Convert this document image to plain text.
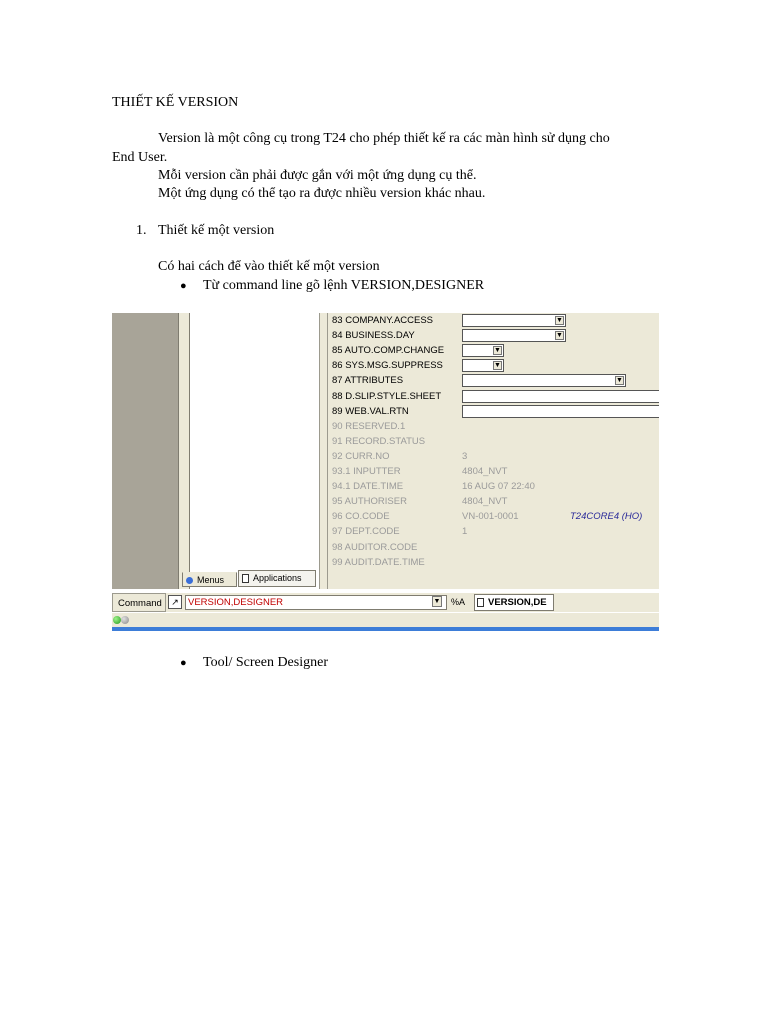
THIẾT KẾ VERSION
Version là một công cụ trong T24 cho phép thiết kế ra các màn hình sử dụng cho
End User.
Mỗi version cần phải được gắn với một ứng dụng cụ thể.
Một ứng dụng có thể tạo ra được nhiều version khác nhau.
1. Thiết kế một version
Có hai cách để vào thiết kế một version
● Từ command line gõ lệnh VERSION,DESIGNER
Menus	Applications
83 COMPANY.ACCESS	▼
84 BUSINESS.DAY	▼
85 AUTO.COMP.CHANGE	▼
86 SYS.MSG.SUPPRESS	▼
87 ATTRIBUTES	▼
88 D.SLIP.STYLE.SHEET
89 WEB.VAL.RTN
90 RESERVED.1
91 RECORD.STATUS
92 CURR.NO	3
93.1 INPUTTER	4804_NVT
94.1 DATE.TIME	16 AUG 07 22:40
95 AUTHORISER	4804_NVT
96 CO.CODE	VN-001-0001	T24CORE4 (HO)
97 DEPT.CODE	1
98 AUDITOR.CODE
99 AUDIT.DATE.TIME
Command	↗ VERSION,DESIGNER	▼ %A	VERSION,DE
● Tool/ Screen Designer
